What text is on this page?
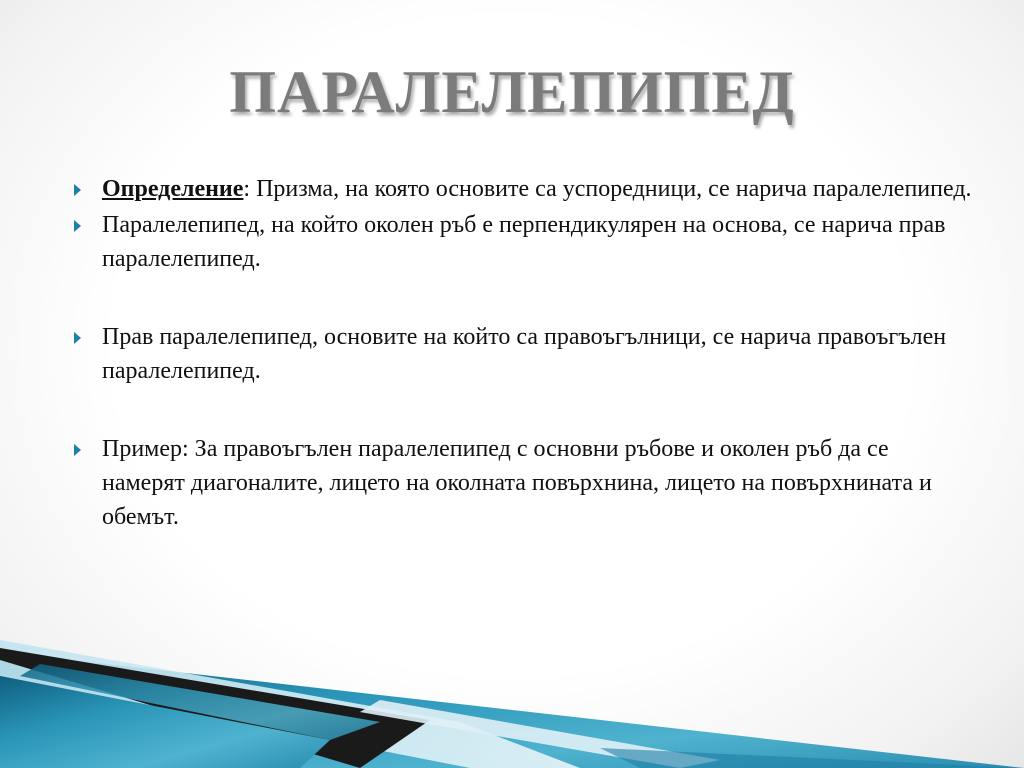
ПАРАЛЕЛЕПИПЕД
Определение: Призма, на която основите са успоредници, се нарича паралелепипед.
Паралелепипед, на който околен ръб е перпендикулярен на основа, се нарича прав паралелепипед.
Прав паралелепипед, основите на който са правоъгълници, се нарича правоъгълен паралелепипед.
Пример: За правоъгълен паралелепипед с основни ръбове и околен ръб да се намерят диагоналите, лицето на околната повърхнина, лицето на повърхнината и обемът.
